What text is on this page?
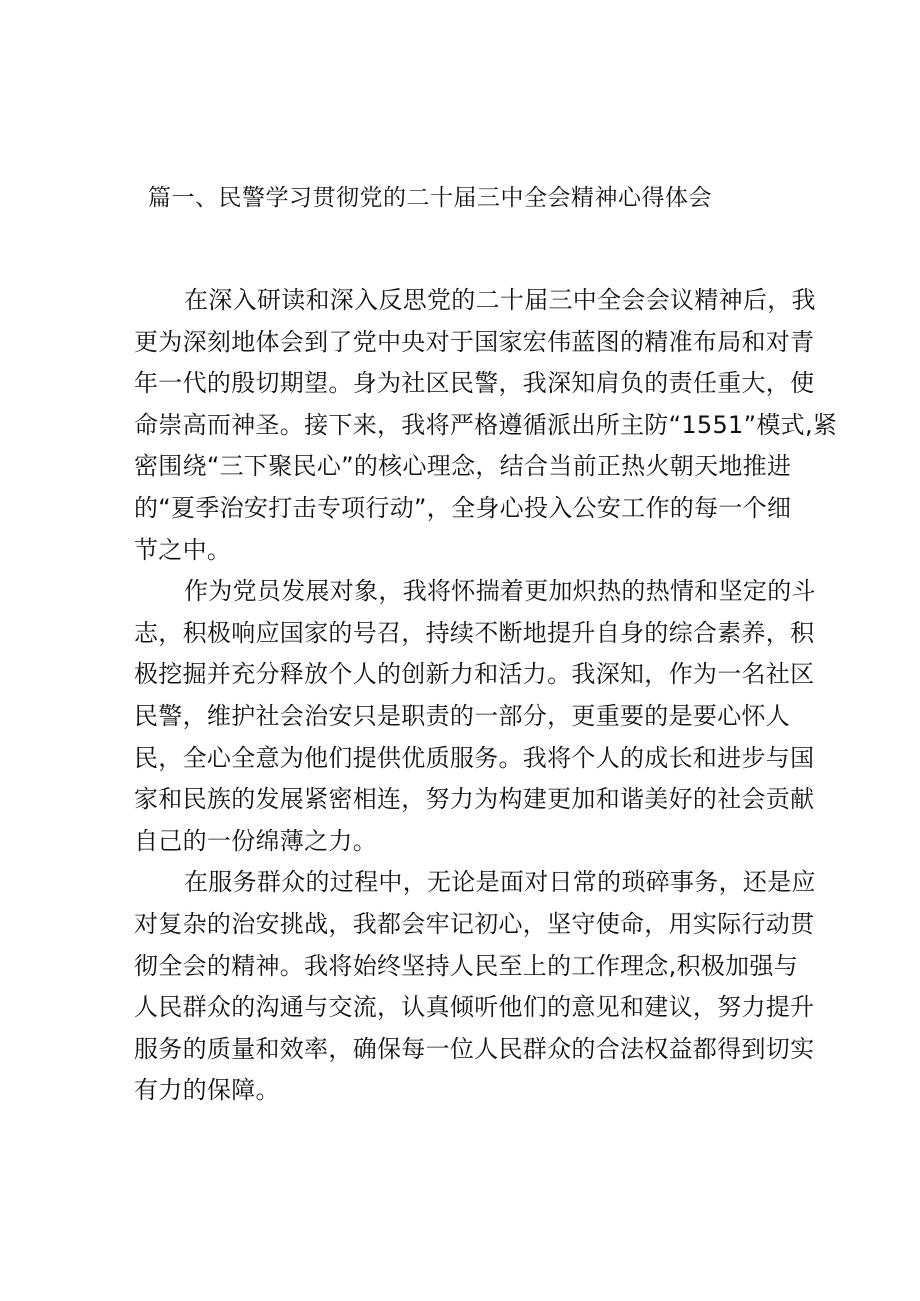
篇一、民警学习贯彻党的二十届三中全会精神心得体会
在深入研读和深入反思党的二十届三中全会会议精神后，我
更为深刻地体会到了党中央对于国家宏伟蓝图的精准布局和对青
年一代的殷切期望。身为社区民警，我深知肩负的责任重大，使
命崇高而神圣。接下来，我将严格遵循派出所主防“1551”模式,紧
密围绕“三下聚民心”的核心理念，结合当前正热火朝天地推进
的“夏季治安打击专项行动”，全身心投入公安工作的每一个细
节之中。
作为党员发展对象，我将怀揣着更加炽热的热情和坚定的斗
志，积极响应国家的号召，持续不断地提升自身的综合素养，积
极挖掘并充分释放个人的创新力和活力。我深知，作为一名社区
民警，维护社会治安只是职责的一部分，更重要的是要心怀人
民，全心全意为他们提供优质服务。我将个人的成长和进步与国
家和民族的发展紧密相连，努力为构建更加和谐美好的社会贡献
自己的一份绵薄之力。
在服务群众的过程中，无论是面对日常的琐碎事务，还是应
对复杂的治安挑战，我都会牢记初心，坚守使命，用实际行动贯
彻全会的精神。我将始终坚持人民至上的工作理念,积极加强与
人民群众的沟通与交流，认真倾听他们的意见和建议，努力提升
服务的质量和效率，确保每一位人民群众的合法权益都得到切实
有力的保障。
